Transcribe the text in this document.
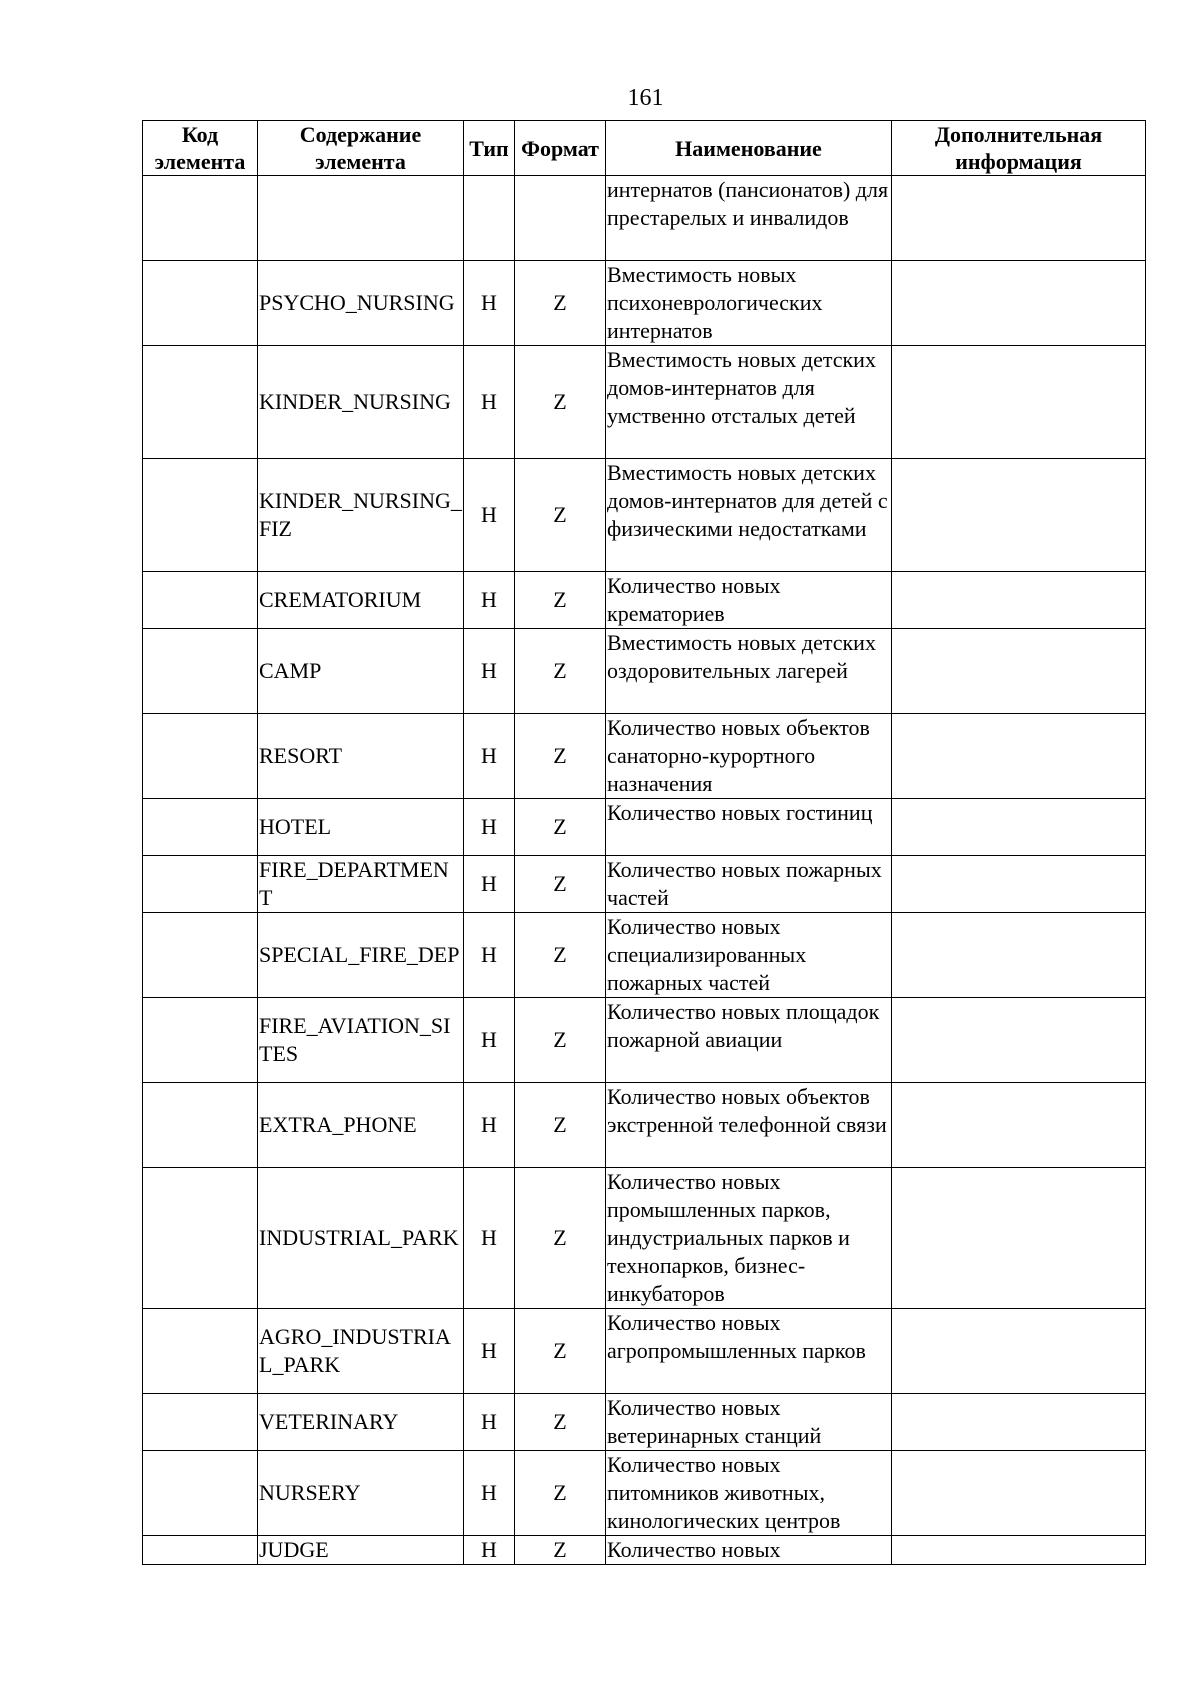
161
Код элемента	Содержание элемента	Тип	Формат	Наименование	Дополнительная информация
				интернатов (пансионатов) для престарелых и инвалидов	
	PSYCHO_NURSING	Н	Z	Вместимость новых психоневрологических интернатов	
	KINDER_NURSING	Н	Z	Вместимость новых детских домов-интернатов для умственно отсталых детей	
	KINDER_NURSING_FIZ	Н	Z	Вместимость новых детских домов-интернатов для детей с физическими недостатками	
	CREMATORIUM	Н	Z	Количество новых крематориев	
	CAMP	Н	Z	Вместимость новых детских оздоровительных лагерей	
	RESORT	Н	Z	Количество новых объектов санаторно-курортного назначения	
	HOTEL	Н	Z	Количество новых гостиниц	
	FIRE_DEPARTMENT	Н	Z	Количество новых пожарных частей	
	SPECIAL_FIRE_DEP	Н	Z	Количество новых специализированных пожарных частей	
	FIRE_AVIATION_SITES	Н	Z	Количество новых площадок пожарной авиации	
	EXTRA_PHONE	Н	Z	Количество новых объектов экстренной телефонной связи	
	INDUSTRIAL_PARK	Н	Z	Количество новых промышленных парков, индустриальных парков и технопарков, бизнес-инкубаторов	
	AGRO_INDUSTRIAL_PARK	Н	Z	Количество новых агропромышленных парков	
	VETERINARY	Н	Z	Количество новых ветеринарных станций	
	NURSERY	Н	Z	Количество новых питомников животных, кинологических центров	
	JUDGE	Н	Z	Количество новых	
